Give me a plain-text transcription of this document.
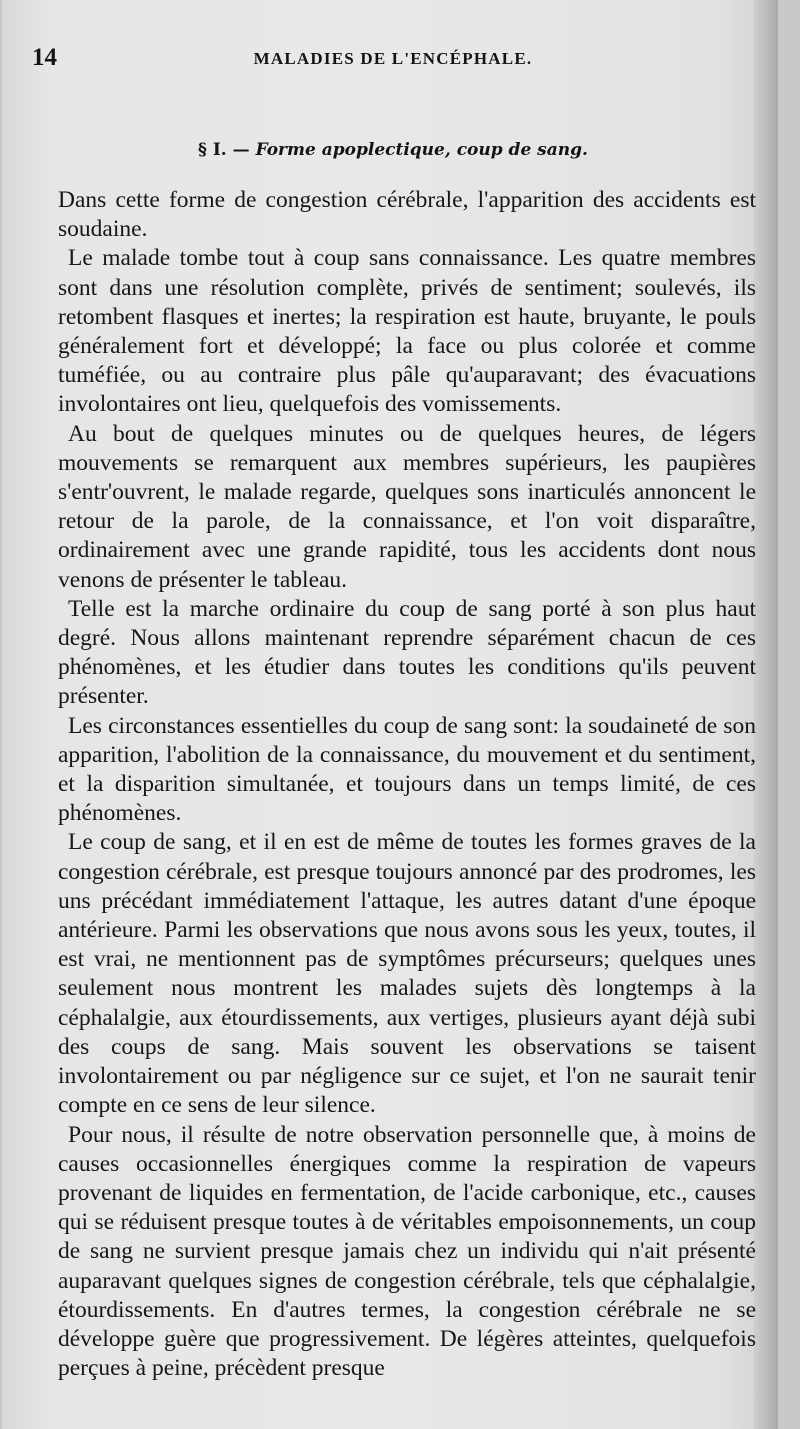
14	MALADIES DE L'ENCÉPHALE.
§ I. — Forme apoplectique, coup de sang.

Dans cette forme de congestion cérébrale, l'apparition des accidents est soudaine.

Le malade tombe tout à coup sans connaissance. Les quatre membres sont dans une résolution complète, privés de sentiment; soulevés, ils retombent flasques et inertes; la respiration est haute, bruyante, le pouls généralement fort et développé; la face ou plus colorée et comme tuméfiée, ou au contraire plus pâle qu'auparavant; des évacuations involontaires ont lieu, quelquefois des vomissements.

Au bout de quelques minutes ou de quelques heures, de légers mouvements se remarquent aux membres supérieurs, les paupières s'entr'ouvrent, le malade regarde, quelques sons inarticulés annoncent le retour de la parole, de la connaissance, et l'on voit disparaître, ordinairement avec une grande rapidité, tous les accidents dont nous venons de présenter le tableau.

Telle est la marche ordinaire du coup de sang porté à son plus haut degré. Nous allons maintenant reprendre séparément chacun de ces phénomènes, et les étudier dans toutes les conditions qu'ils peuvent présenter.

Les circonstances essentielles du coup de sang sont: la soudaineté de son apparition, l'abolition de la connaissance, du mouvement et du sentiment, et la disparition simultanée, et toujours dans un temps limité, de ces phénomènes.

Le coup de sang, et il en est de même de toutes les formes graves de la congestion cérébrale, est presque toujours annoncé par des prodromes, les uns précédant immédiatement l'attaque, les autres datant d'une époque antérieure. Parmi les observations que nous avons sous les yeux, toutes, il est vrai, ne mentionnent pas de symptômes précurseurs; quelques unes seulement nous montrent les malades sujets dès longtemps à la céphalalgie, aux étourdissements, aux vertiges, plusieurs ayant déjà subi des coups de sang. Mais souvent les observations se taisent involontairement ou par négligence sur ce sujet, et l'on ne saurait tenir compte en ce sens de leur silence.

Pour nous, il résulte de notre observation personnelle que, à moins de causes occasionnelles énergiques comme la respiration de vapeurs provenant de liquides en fermentation, de l'acide carbonique, etc., causes qui se réduisent presque toutes à de véritables empoisonnements, un coup de sang ne survient presque jamais chez un individu qui n'ait présenté auparavant quelques signes de congestion cérébrale, tels que céphalalgie, étourdissements. En d'autres termes, la congestion cérébrale ne se développe guère que progressivement. De légères atteintes, quelquefois perçues à peine, précèdent presque
